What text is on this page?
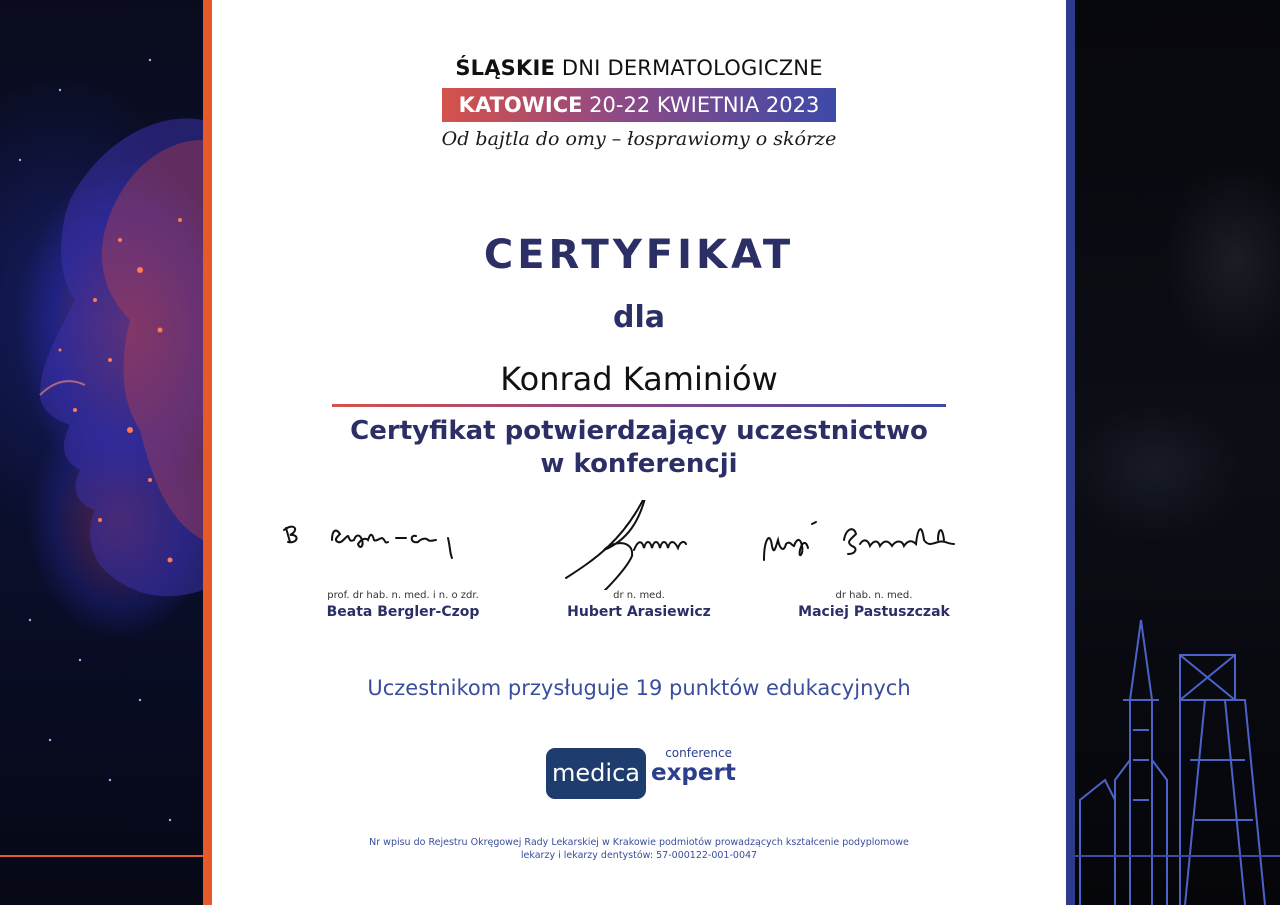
ŚLĄSKIE DNI DERMATOLOGICZNE
KATOWICE 20-22 KWIETNIA 2023
Od bajtla do omy – łosprawiomy o skórze
CERTYFIKAT
dla
Konrad Kaminiów
Certyfikat potwierdzający uczestnictwo
w konferencji
prof. dr hab. n. med. i n. o zdr.
Beata Bergler-Czop
dr n. med.
Hubert Arasiewicz
dr hab. n. med.
Maciej Pastuszczak
Uczestnikom przysługuje 19 punktów edukacyjnych
medica
conference
expert
Nr wpisu do Rejestru Okręgowej Rady Lekarskiej w Krakowie podmiotów prowadzących kształcenie podyplomowe
lekarzy i lekarzy dentystów: 57-000122-001-0047
